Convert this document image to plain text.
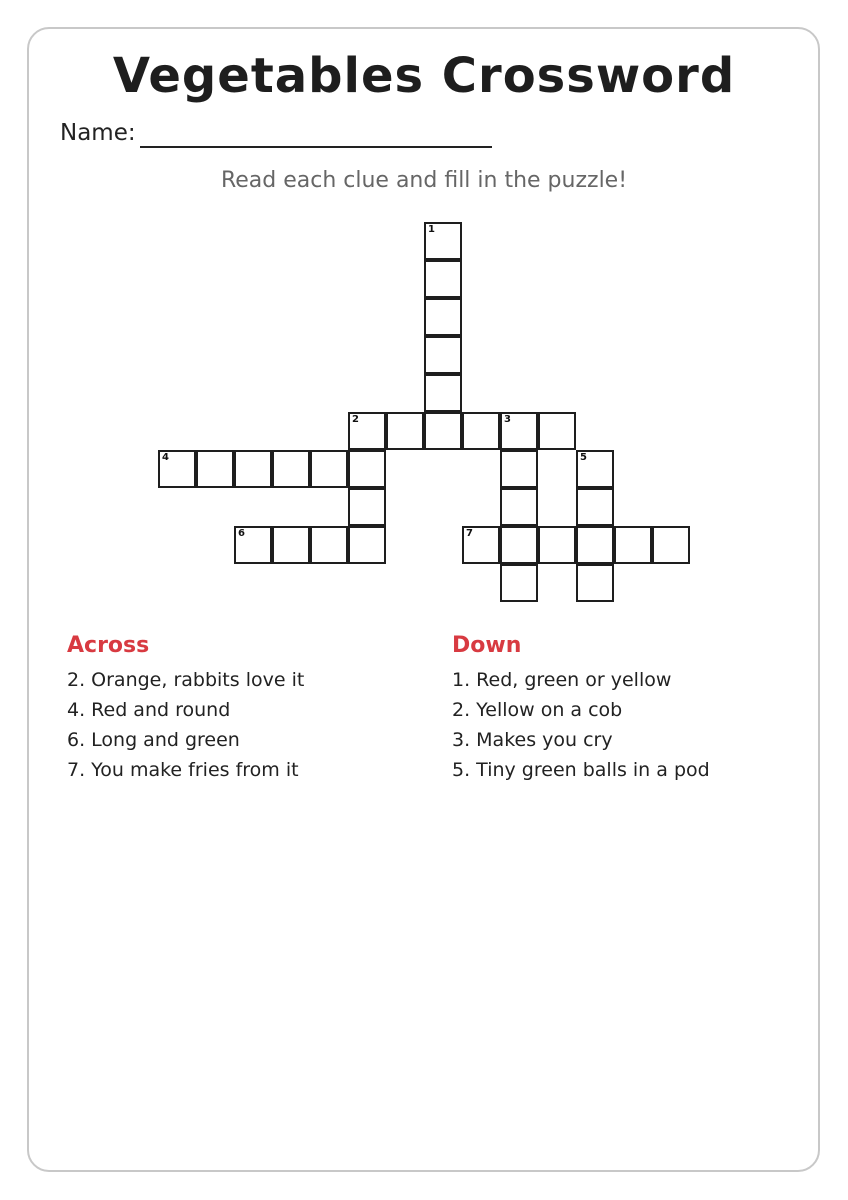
Vegetables Crossword
Name:
Read each clue and fill in the puzzle!
1
2	3
4	5
6	7
Across
2. Orange, rabbits love it
4. Red and round
6. Long and green
7. You make fries from it
Down
1. Red, green or yellow
2. Yellow on a cob
3. Makes you cry
5. Tiny green balls in a pod
